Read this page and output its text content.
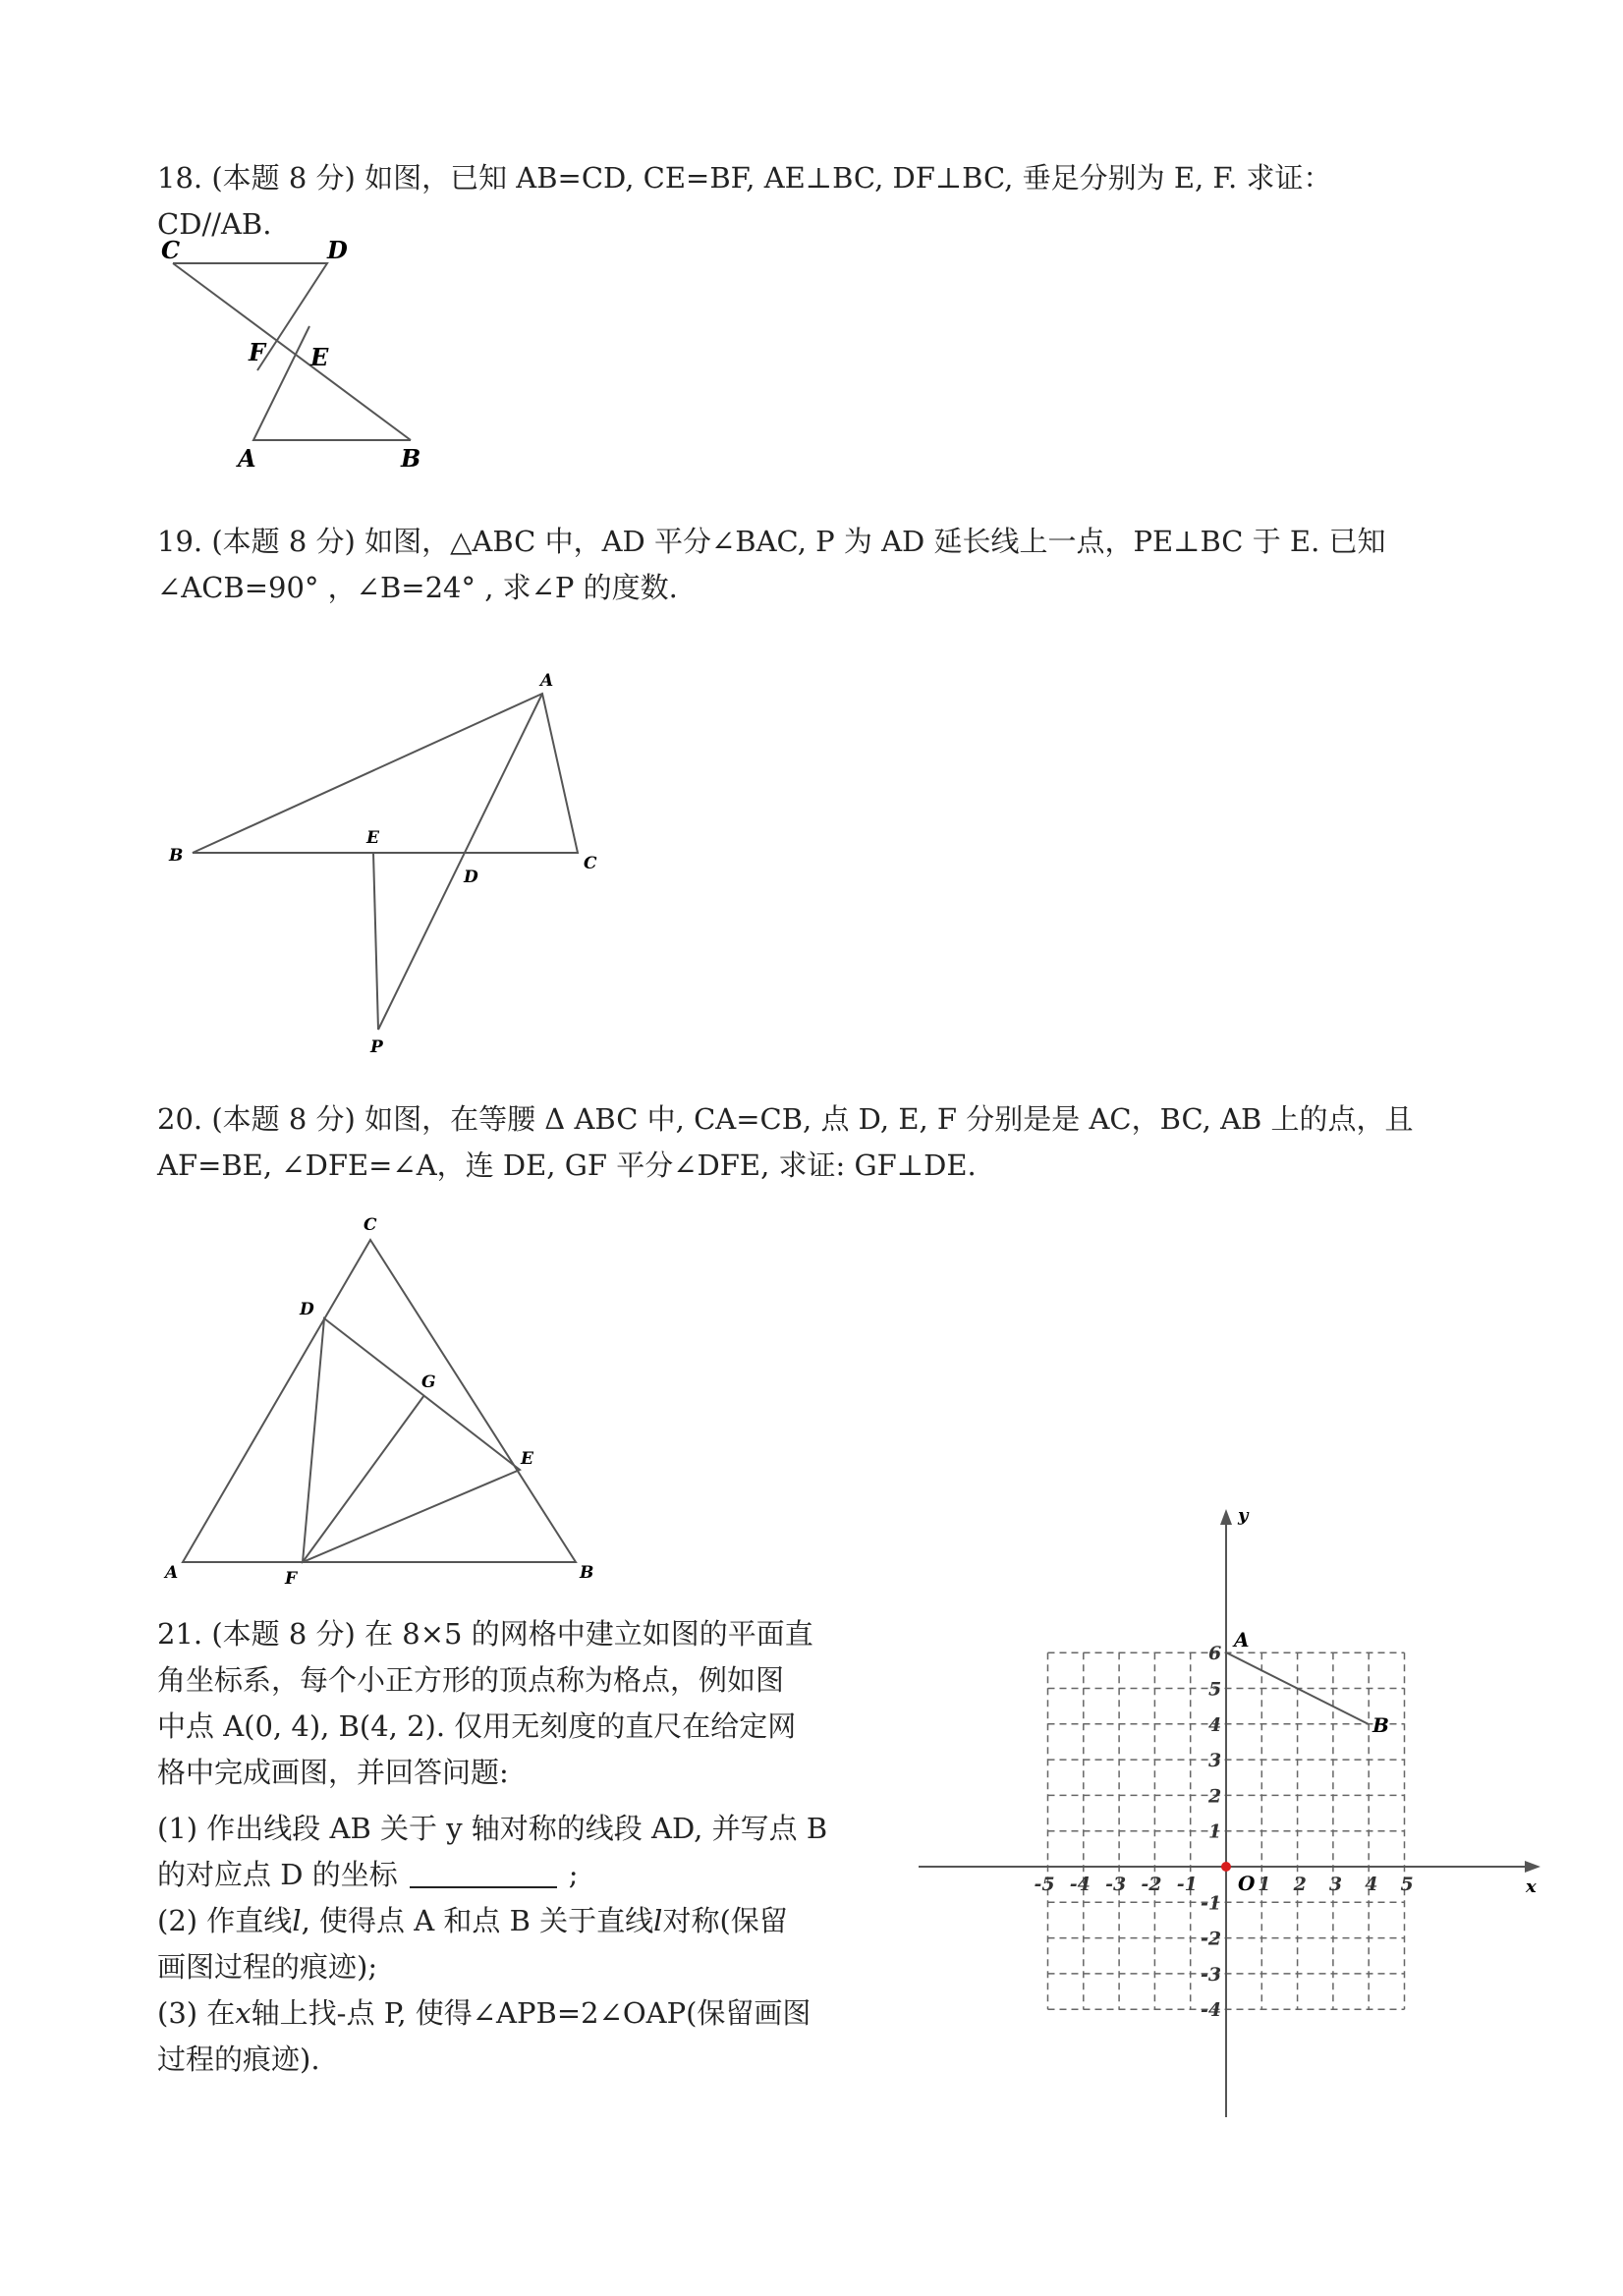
18. (本题 8 分) 如图，已知 AB=CD, CE=BF, AE⊥BC, DF⊥BC, 垂足分别为 E, F. 求证：CD//AB.

C	D
F E
A	B

19. (本题 8 分) 如图，△ABC 中，AD 平分∠BAC, P 为 AD 延长线上一点，PE⊥BC 于 E. 已知

∠ACB=90° ，∠B=24° , 求∠P 的度数.

A
B	C
D
E
P

20. (本题 8 分) 如图，在等腰 Δ ABC 中, CA=CB, 点 D, E, F 分别是是 AC，BC, AB 上的点，且

AF=BE, ∠DFE=∠A，连 DE, GF 平分∠DFE, 求证: GF⊥DE.

C
D
G
E
A	B
F

21. (本题 8 分) 在 8×5 的网格中建立如图的平面直

角坐标系，每个小正方形的顶点称为格点，例如图

中点 A(0, 4), B(4, 2). 仅用无刻度的直尺在给定网

格中完成画图，并回答问题:

(1) 作出线段 AB 关于 y 轴对称的线段 AD, 并写点 B

的对应点 D 的坐标	;

(2) 作直线l, 使得点 A 和点 B 关于直线l对称(保留

画图过程的痕迹);

(3) 在x轴上找-点 P, 使得∠APB=2∠OAP(保留画图

过程的痕迹).

-5 -4 -3 -2 -1	1 2 3 4 5
6
5
4
3
2
1
-1
-2
-3
-4
A
B
O	x
y
